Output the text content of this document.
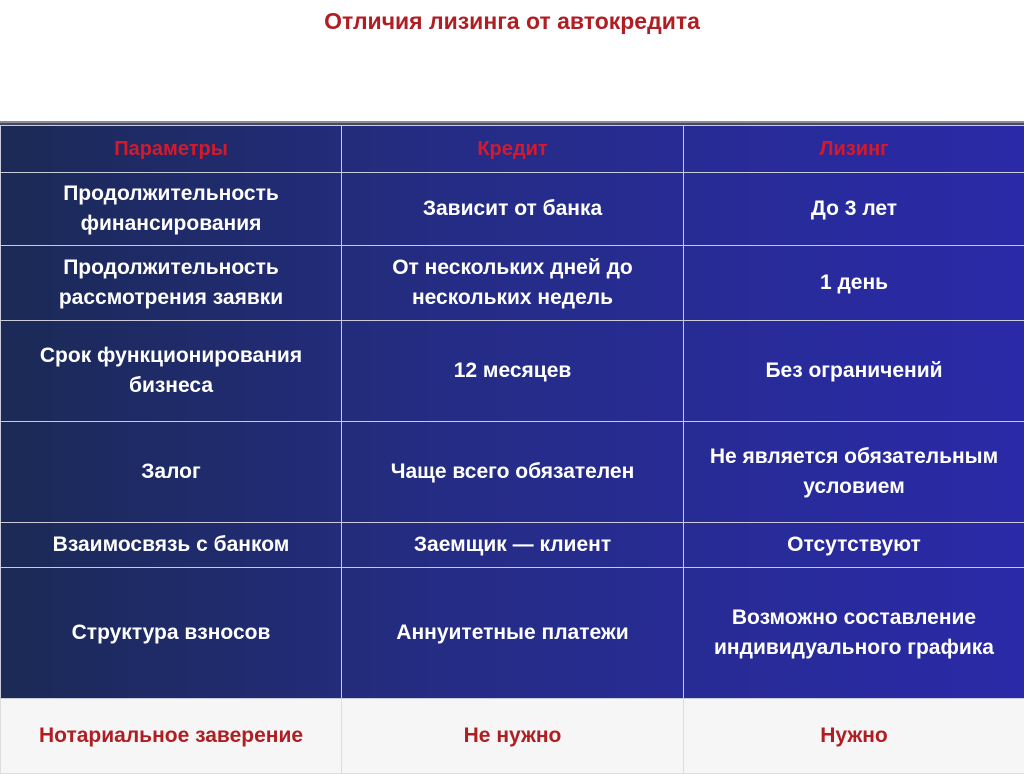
Отличия лизинга от автокредита
Параметры	Кредит	Лизинг
Продолжительность финансирования	Зависит от банка	До 3 лет
Продолжительность рассмотрения заявки	От нескольких дней до нескольких недель	1 день
Срок функционирования бизнеса	12 месяцев	Без ограничений
Залог	Чаще всего обязателен	Не является обязательным условием
Взаимосвязь с банком	Заемщик — клиент	Отсутствуют
Структура взносов	Аннуитетные платежи	Возможно составление индивидуального графика
Нотариальное заверение	Не нужно	Нужно
